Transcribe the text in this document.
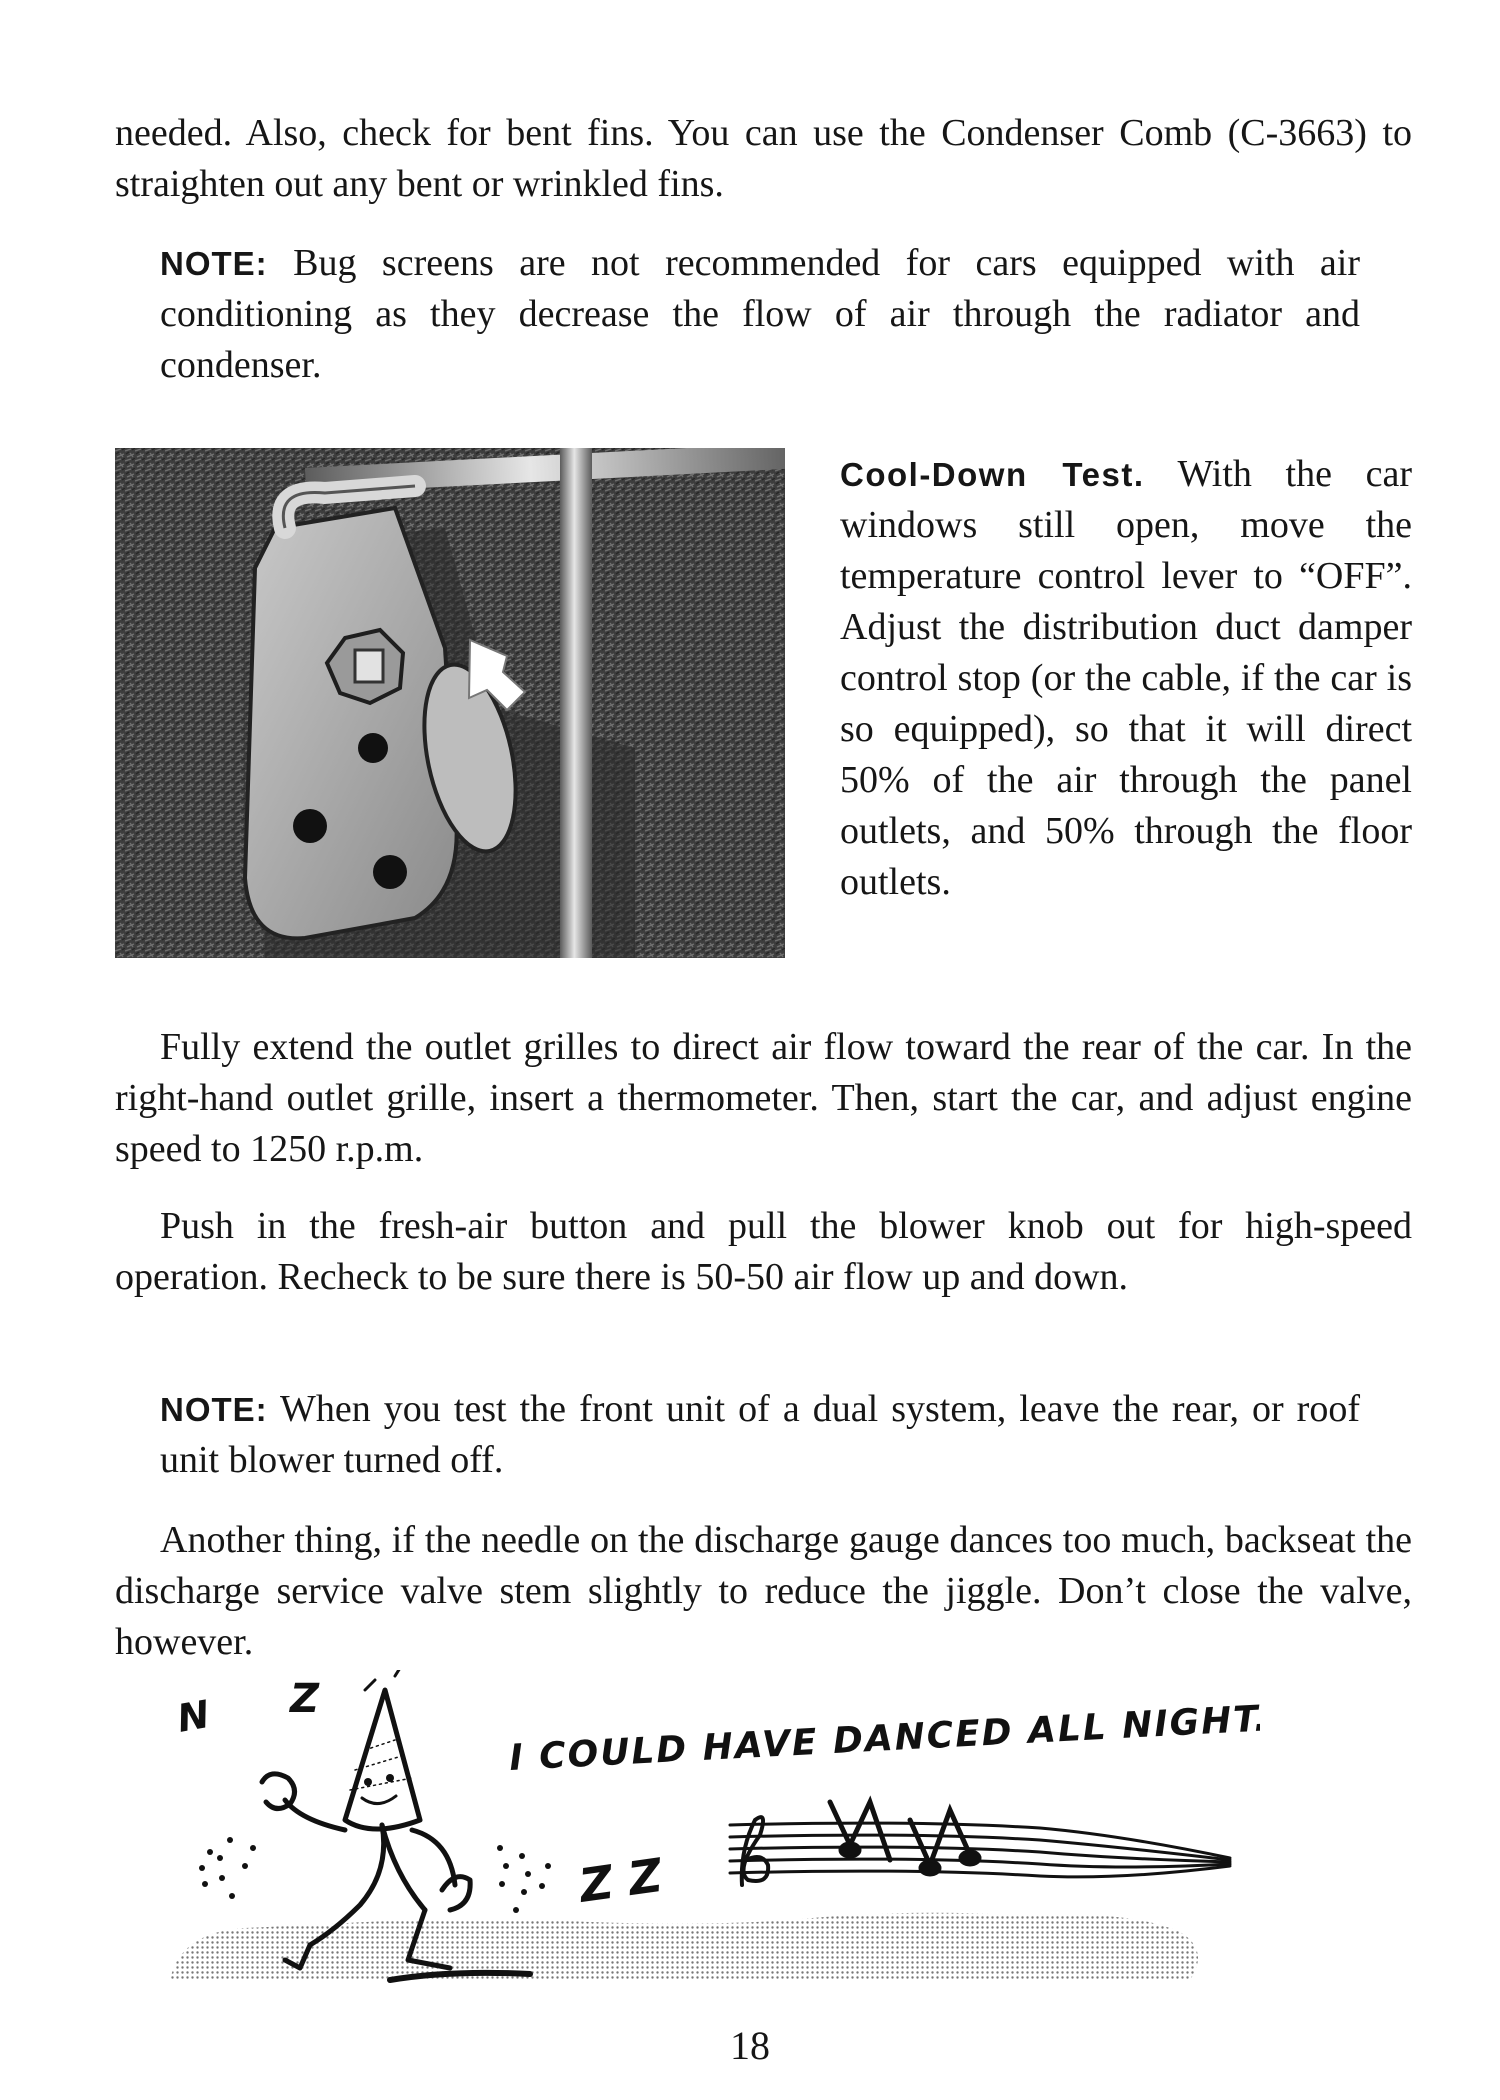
needed. Also, check for bent fins. You can use the Condenser Comb (C-3663) to straighten out any bent or wrinkled fins.

NOTE: Bug screens are not recommended for cars equipped with air conditioning as they decrease the flow of air through the radiator and condenser.

Cool-Down Test. With the car windows still open, move the temperature control lever to “OFF”. Adjust the distribution duct damper control stop (or the cable, if the car is so equipped), so that it will direct 50% of the air through the panel outlets, and 50% through the floor outlets.

Fully extend the outlet grilles to direct air flow toward the rear of the car. In the right-hand outlet grille, insert a thermometer. Then, start the car, and adjust engine speed to 1250 r.p.m.

Push in the fresh-air button and pull the blower knob out for high-speed operation. Recheck to be sure there is 50-50 air flow up and down.

NOTE: When you test the front unit of a dual system, leave the rear, or roof unit blower turned off.

Another thing, if the needle on the discharge gauge dances too much, backseat the discharge service valve stem slightly to reduce the jiggle. Don’t close the valve, however.

N Z
Z Z
I COULD HAVE DANCED ALL NIGHT...

18
